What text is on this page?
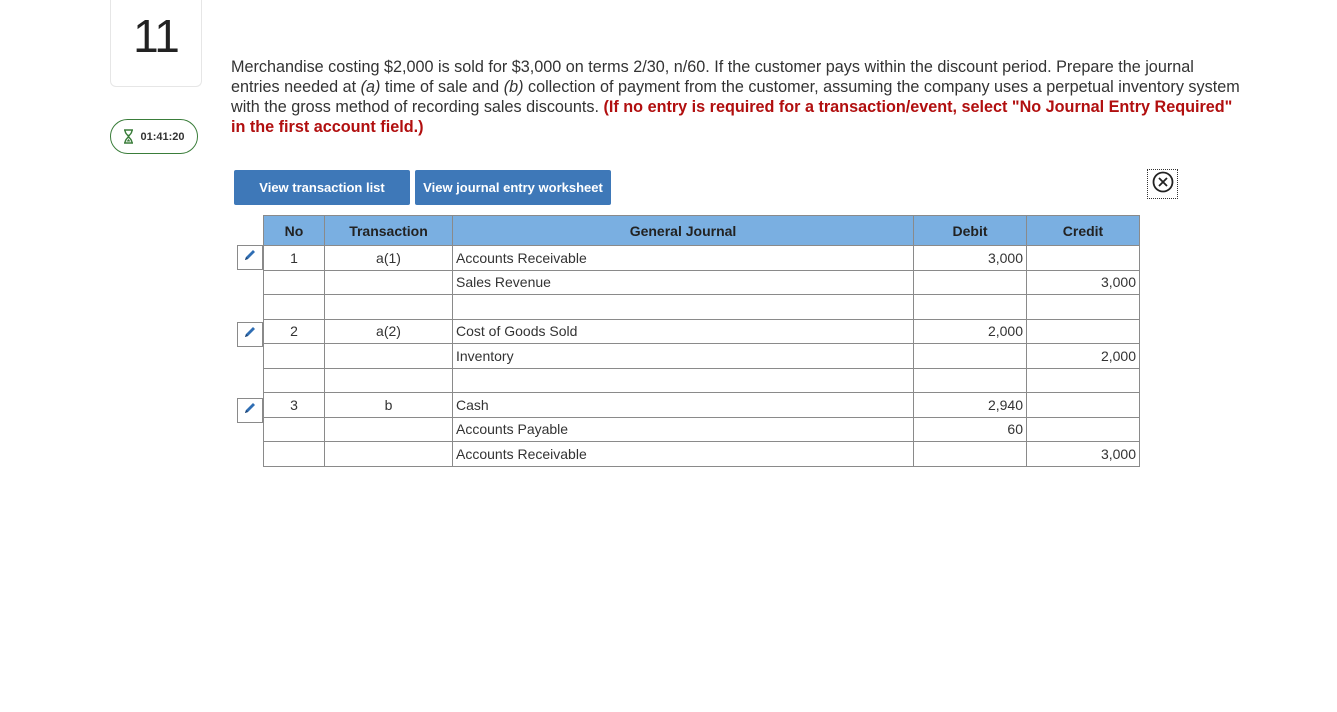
11
01:41:20
Merchandise costing $2,000 is sold for $3,000 on terms 2/30, n/60. If the customer pays within the discount period. Prepare the journal entries needed at (a) time of sale and (b) collection of payment from the customer, assuming the company uses a perpetual inventory system with the gross method of recording sales discounts. (If no entry is required for a transaction/event, select "No Journal Entry Required" in the first account field.)
View transaction list	View journal entry worksheet
No	Transaction	General Journal	Debit	Credit
1	a(1)	Accounts Receivable	3,000	
		Sales Revenue		3,000

2	a(2)	Cost of Goods Sold	2,000	
		Inventory		2,000

3	b	Cash	2,940	
		Accounts Payable	60	
		Accounts Receivable		3,000
